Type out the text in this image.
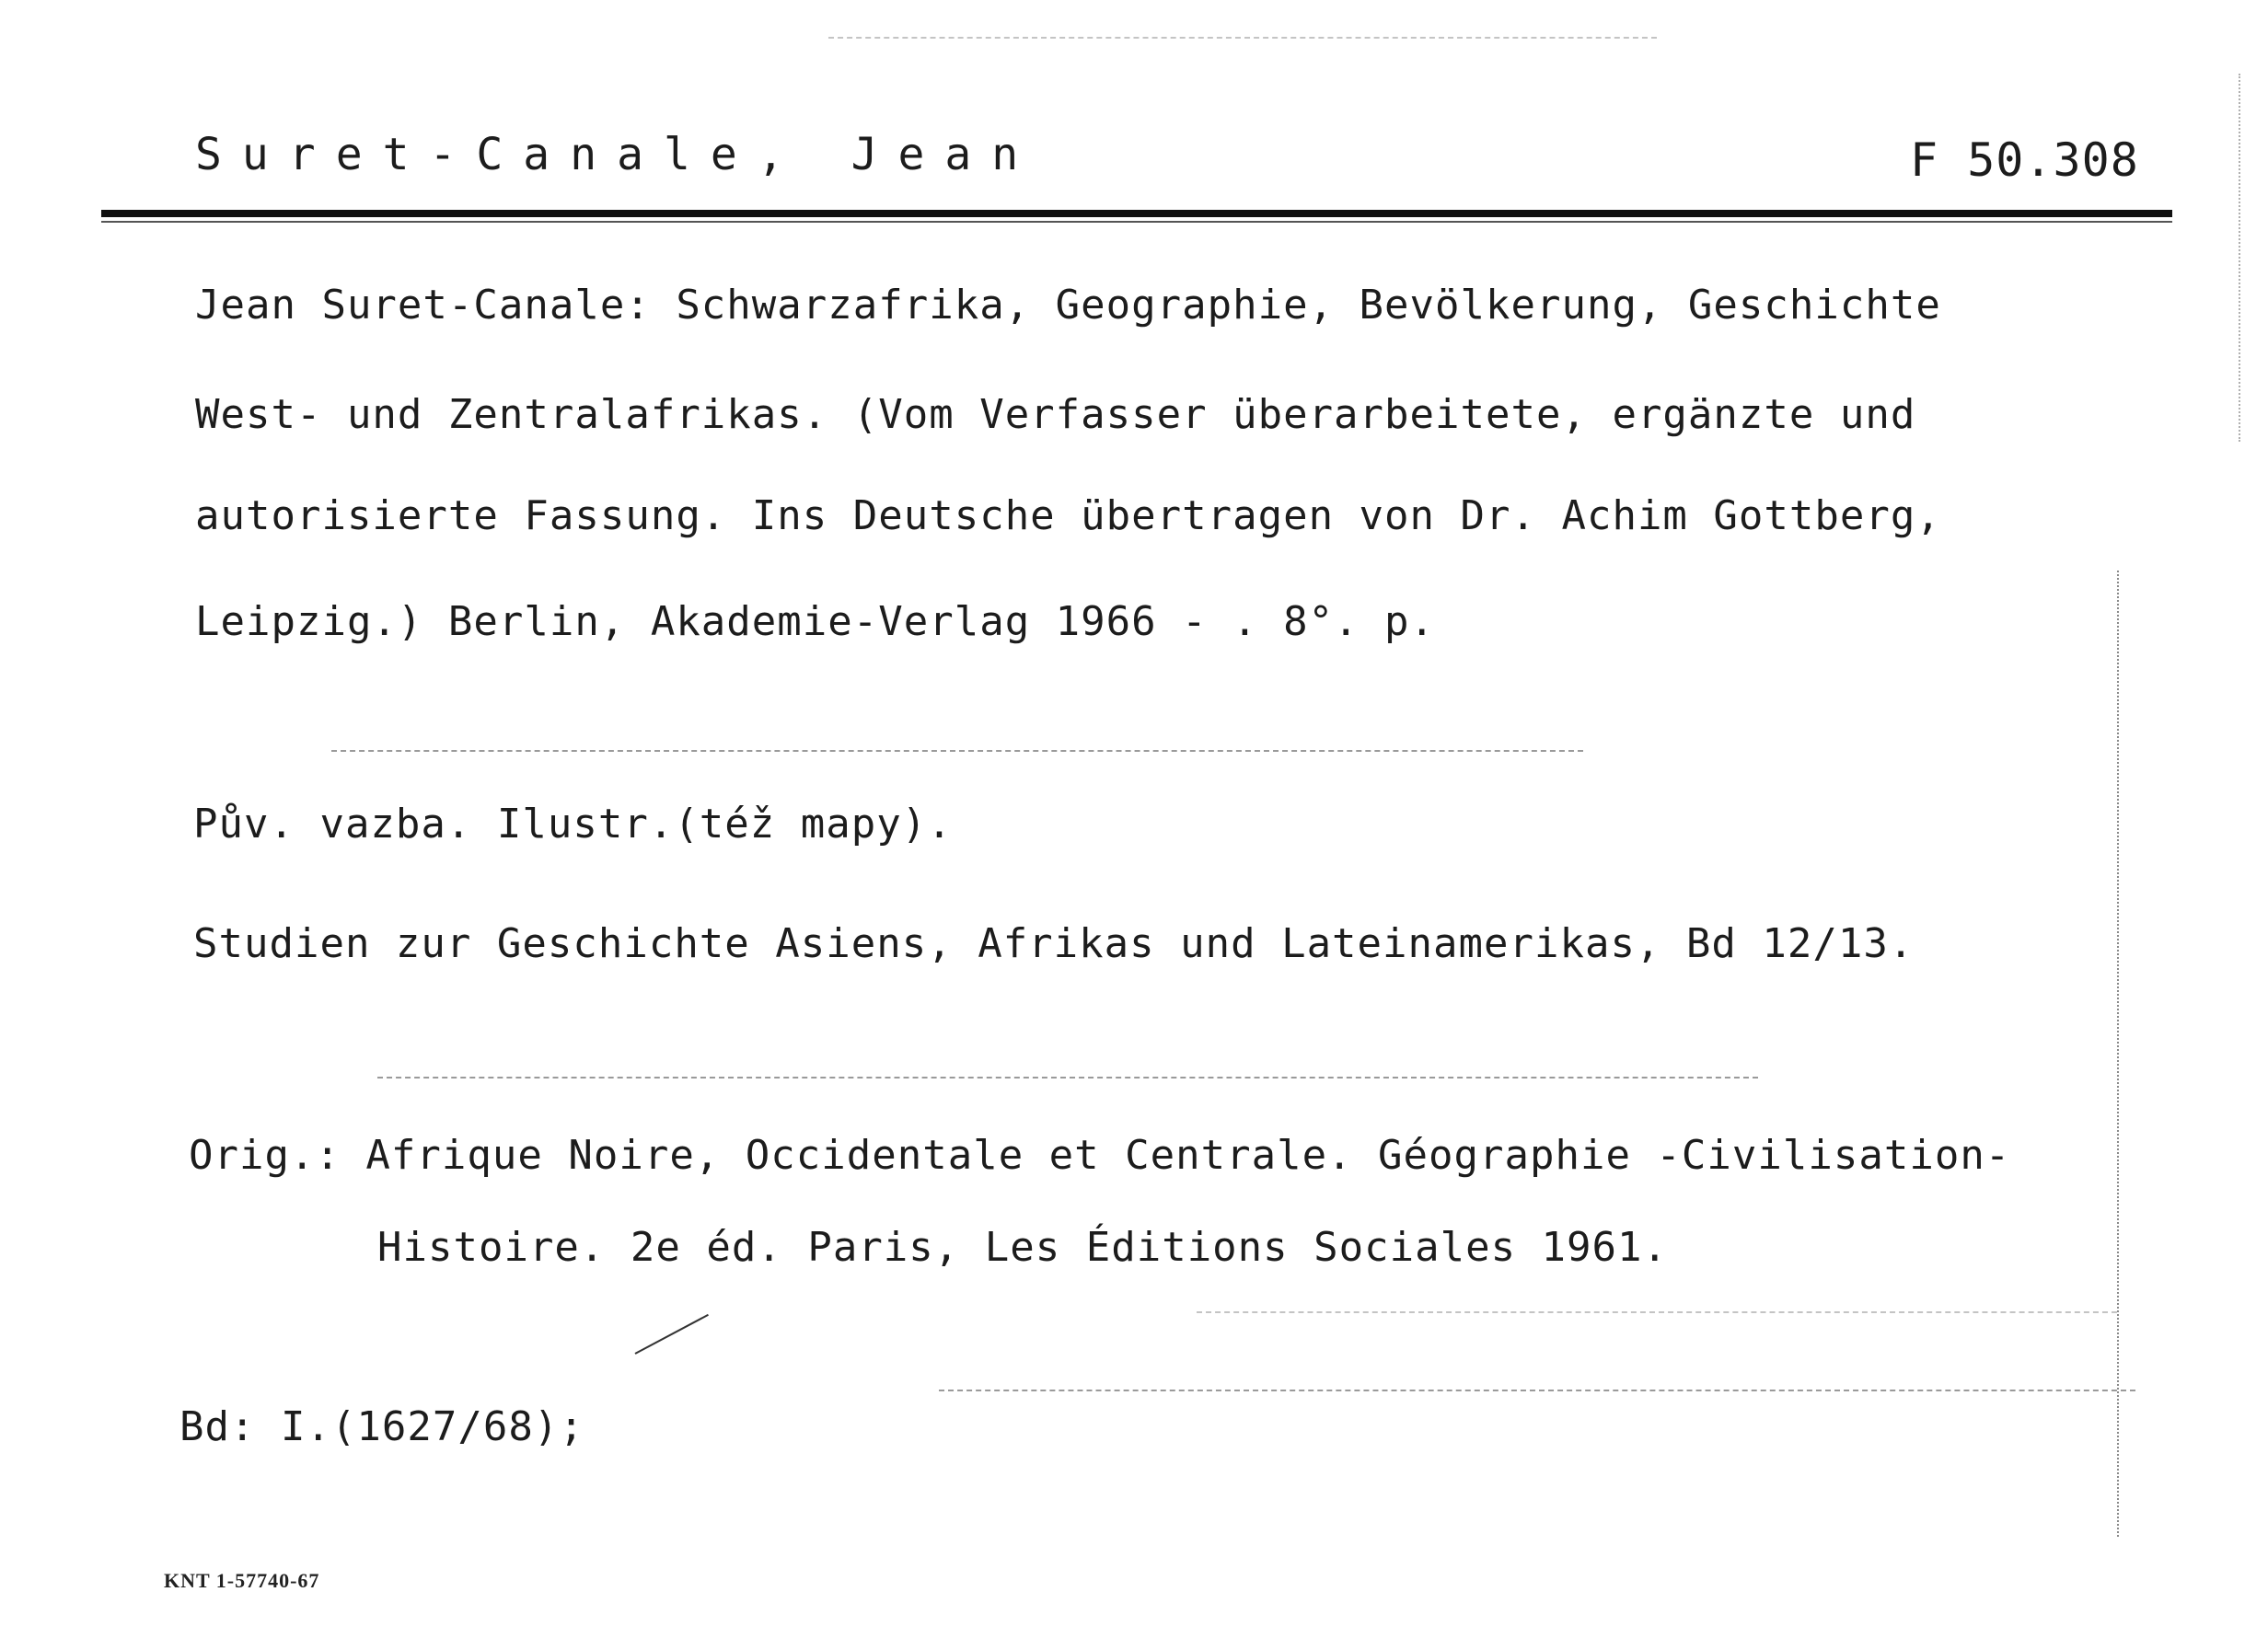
Suret-Canale, Jean	F 50.308
Jean Suret-Canale: Schwarzafrika, Geographie, Bevölkerung, Geschichte
West- und Zentralafrikas. (Vom Verfasser überarbeitete, ergänzte und
autorisierte Fassung. Ins Deutsche übertragen von Dr. Achim Gottberg,
Leipzig.) Berlin, Akademie-Verlag 1966 - . 8°. p.
Pův. vazba. Ilustr.(též mapy).
Studien zur Geschichte Asiens, Afrikas und Lateinamerikas, Bd 12/13.
Orig.: Afrique Noire, Occidentale et Centrale. Géographie -Civilisation-
Histoire. 2e éd. Paris, Les Éditions Sociales 1961.
Bd: I.(1627/68);
KNT 1-57740-67
